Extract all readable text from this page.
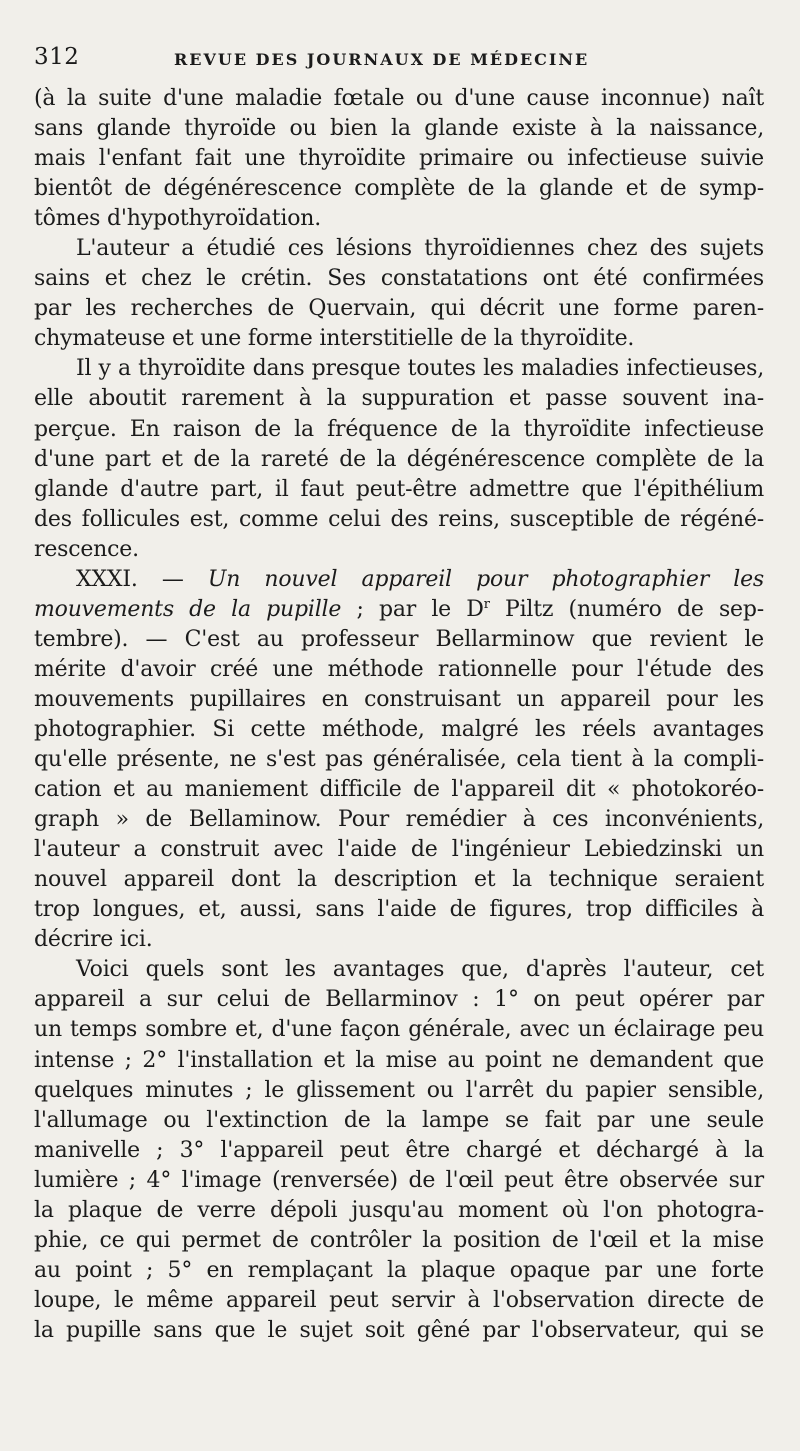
312	REVUE DES JOURNAUX DE MÉDECINE
(à la suite d'une maladie fœtale ou d'une cause inconnue) naît
sans glande thyroïde ou bien la glande existe à la naissance,
mais l'enfant fait une thyroïdite primaire ou infectieuse suivie
bientôt de dégénérescence complète de la glande et de symp-
tômes d'hypothyroïdation.
L'auteur a étudié ces lésions thyroïdiennes chez des sujets
sains et chez le crétin. Ses constatations ont été confirmées
par les recherches de Quervain, qui décrit une forme paren-
chymateuse et une forme interstitielle de la thyroïdite.
Il y a thyroïdite dans presque toutes les maladies infectieuses,
elle aboutit rarement à la suppuration et passe souvent ina-
perçue. En raison de la fréquence de la thyroïdite infectieuse
d'une part et de la rareté de la dégénérescence complète de la
glande d'autre part, il faut peut-être admettre que l'épithélium
des follicules est, comme celui des reins, susceptible de régéné-
rescence.
XXXI. — Un nouvel appareil pour photographier les
mouvements de la pupille ; par le $D^r$ Piltz (numéro de sep-
tembre). — C'est au professeur Bellarminow que revient le
mérite d'avoir créé une méthode rationnelle pour l'étude des
mouvements pupillaires en construisant un appareil pour les
photographier. Si cette méthode, malgré les réels avantages
qu'elle présente, ne s'est pas généralisée, cela tient à la compli-
cation et au maniement difficile de l'appareil dit « photokoréo-
graph » de Bellaminow. Pour remédier à ces inconvénients,
l'auteur a construit avec l'aide de l'ingénieur Lebiedzinski un
nouvel appareil dont la description et la technique seraient
trop longues, et, aussi, sans l'aide de figures, trop difficiles à
décrire ici.
Voici quels sont les avantages que, d'après l'auteur, cet
appareil a sur celui de Bellarminov : 1° on peut opérer par
un temps sombre et, d'une façon générale, avec un éclairage peu
intense ; 2° l'installation et la mise au point ne demandent que
quelques minutes ; le glissement ou l'arrêt du papier sensible,
l'allumage ou l'extinction de la lampe se fait par une seule
manivelle ; 3° l'appareil peut être chargé et déchargé à la
lumière ; 4° l'image (renversée) de l'œil peut être observée sur
la plaque de verre dépoli jusqu'au moment où l'on photogra-
phie, ce qui permet de contrôler la position de l'œil et la mise
au point ; 5° en remplaçant la plaque opaque par une forte
loupe, le même appareil peut servir à l'observation directe de
la pupille sans que le sujet soit gêné par l'observateur, qui se
